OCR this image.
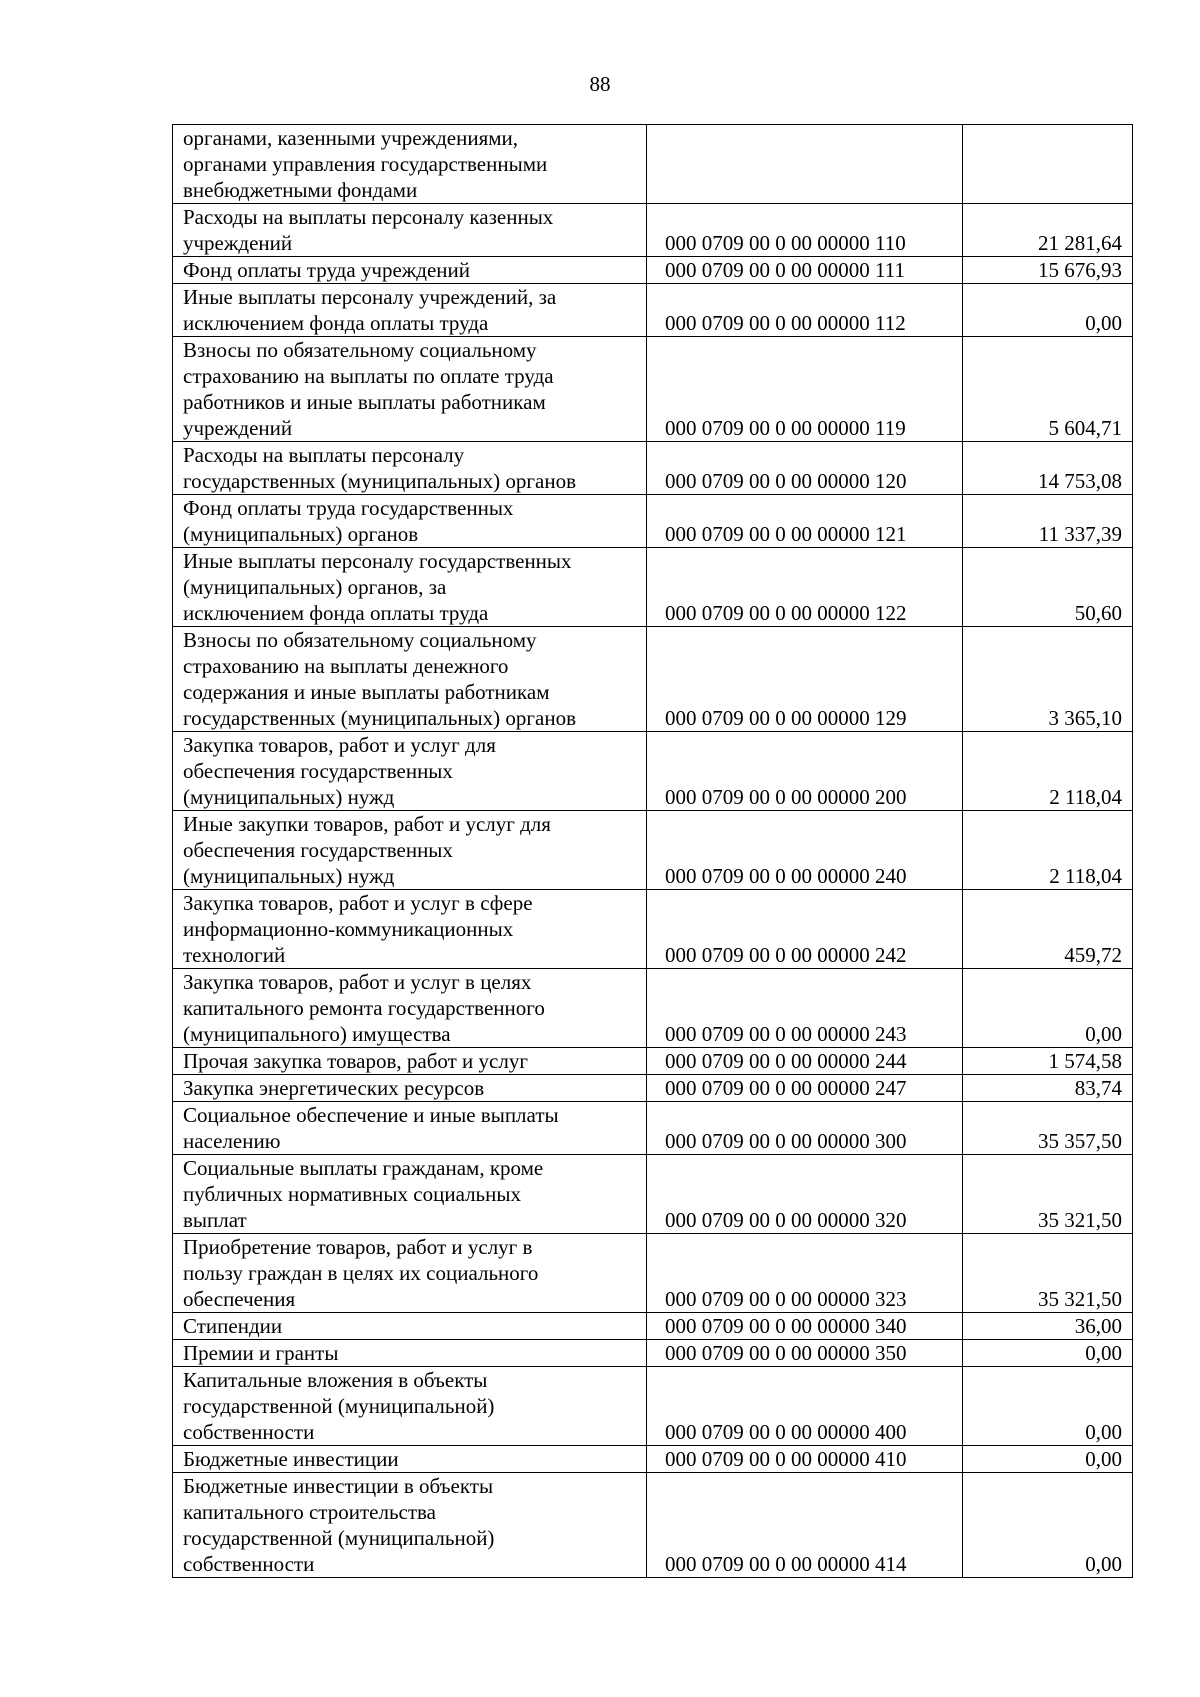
88
органами, казенными учреждениями,
органами управления государственными
внебюджетными фондами		
Расходы на выплаты персоналу казенных
учреждений	000 0709 00 0 00 00000 110	21 281,64
Фонд оплаты труда учреждений	000 0709 00 0 00 00000 111	15 676,93
Иные выплаты персоналу учреждений, за
исключением фонда оплаты труда	000 0709 00 0 00 00000 112	0,00
Взносы по обязательному социальному
страхованию на выплаты по оплате труда
работников и иные выплаты работникам
учреждений	000 0709 00 0 00 00000 119	5 604,71
Расходы на выплаты персоналу
государственных (муниципальных) органов	000 0709 00 0 00 00000 120	14 753,08
Фонд оплаты труда государственных
(муниципальных) органов	000 0709 00 0 00 00000 121	11 337,39
Иные выплаты персоналу государственных
(муниципальных) органов, за
исключением фонда оплаты труда	000 0709 00 0 00 00000 122	50,60
Взносы по обязательному социальному
страхованию на выплаты денежного
содержания и иные выплаты работникам
государственных (муниципальных) органов	000 0709 00 0 00 00000 129	3 365,10
Закупка товаров, работ и услуг для
обеспечения государственных
(муниципальных) нужд	000 0709 00 0 00 00000 200	2 118,04
Иные закупки товаров, работ и услуг для
обеспечения государственных
(муниципальных) нужд	000 0709 00 0 00 00000 240	2 118,04
Закупка товаров, работ и услуг в сфере
информационно-коммуникационных
технологий	000 0709 00 0 00 00000 242	459,72
Закупка товаров, работ и услуг в целях
капитального ремонта государственного
(муниципального) имущества	000 0709 00 0 00 00000 243	0,00
Прочая закупка товаров, работ и услуг	000 0709 00 0 00 00000 244	1 574,58
Закупка энергетических ресурсов	000 0709 00 0 00 00000 247	83,74
Социальное обеспечение и иные выплаты
населению	000 0709 00 0 00 00000 300	35 357,50
Социальные выплаты гражданам, кроме
публичных нормативных социальных
выплат	000 0709 00 0 00 00000 320	35 321,50
Приобретение товаров, работ и услуг в
пользу граждан в целях их социального
обеспечения	000 0709 00 0 00 00000 323	35 321,50
Стипендии	000 0709 00 0 00 00000 340	36,00
Премии и гранты	000 0709 00 0 00 00000 350	0,00
Капитальные вложения в объекты
государственной (муниципальной)
собственности	000 0709 00 0 00 00000 400	0,00
Бюджетные инвестиции	000 0709 00 0 00 00000 410	0,00
Бюджетные инвестиции в объекты
капитального строительства
государственной (муниципальной)
собственности	000 0709 00 0 00 00000 414	0,00
